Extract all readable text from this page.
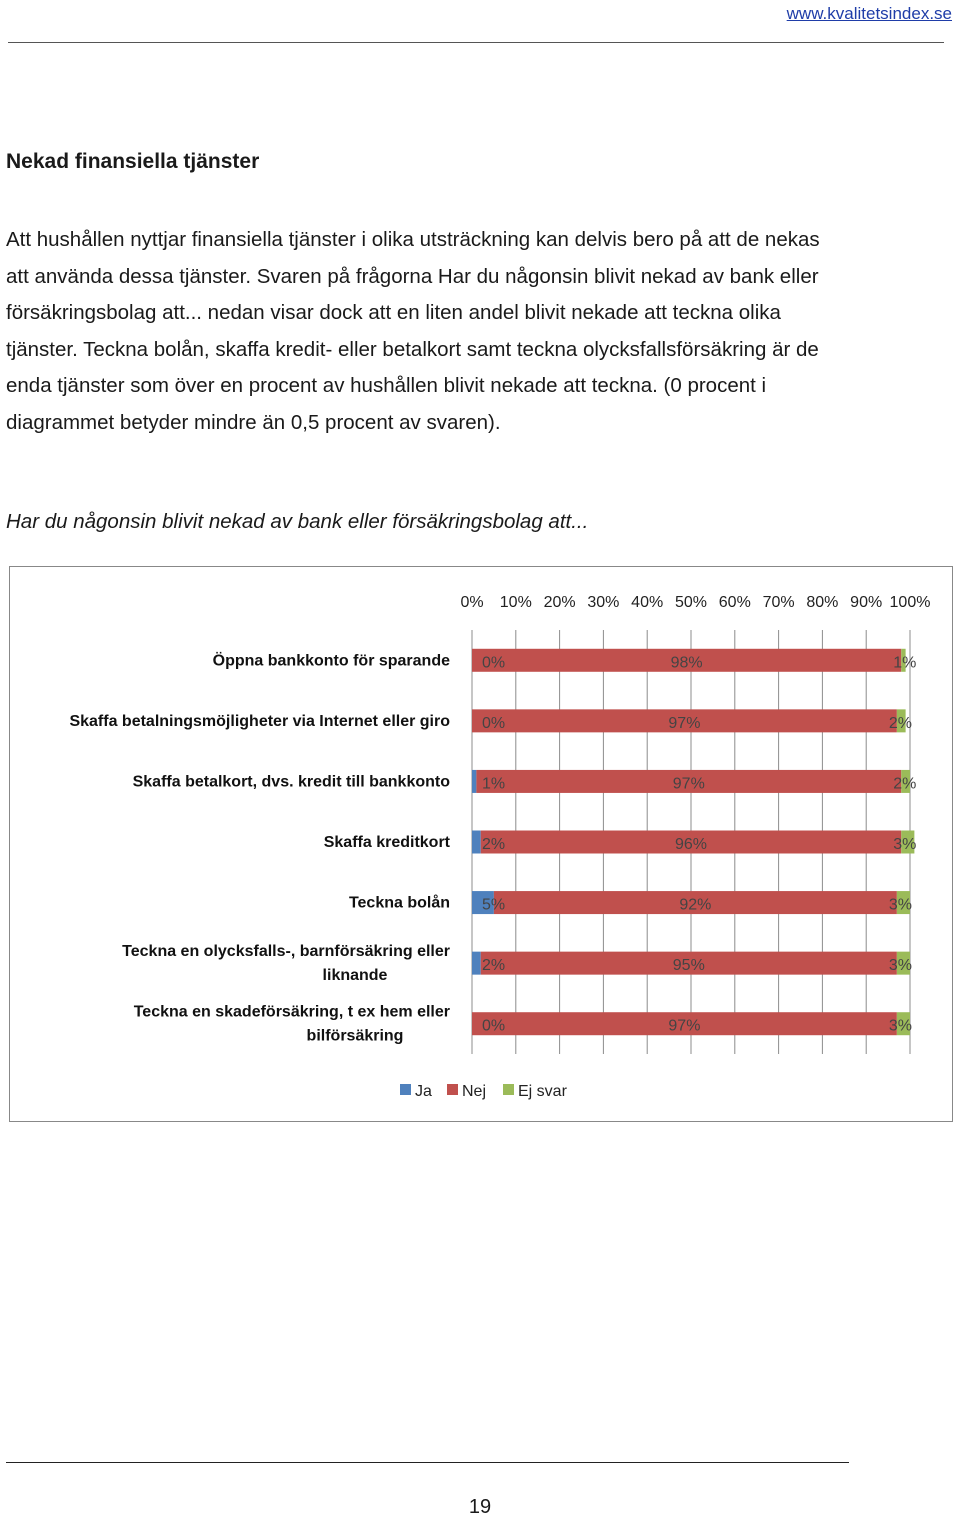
www.kvalitetsindex.se
Nekad finansiella tjänster
Att hushållen nyttjar finansiella tjänster i olika utsträckning kan delvis bero på att de nekas
att använda dessa tjänster. Svaren på frågorna Har du någonsin blivit nekad av bank eller
försäkringsbolag att... nedan visar dock att en liten andel blivit nekade att teckna olika
tjänster. Teckna bolån, skaffa kredit- eller betalkort samt teckna olycksfallsförsäkring är de
enda tjänster som över en procent av hushållen blivit nekade att teckna. (0 procent i
diagrammet betyder mindre än 0,5 procent av svaren).
Har du någonsin blivit nekad av bank eller försäkringsbolag att...
0% 10% 20% 30% 40% 50% 60% 70% 80% 90% 100%
0%	98%	1%
Öppna bankkonto för sparande
0%	97%	2%
Skaffa betalningsmöjligheter via Internet eller giro
1%	97%	2%
Skaffa betalkort, dvs. kredit till bankkonto
2%	96%	3%
Skaffa kreditkort
5%	92%	3%
Teckna bolån
2%	95%	3%
Teckna en olycksfalls-, barnförsäkring eller
liknande
0%	97%	3%
Teckna en skadeförsäkring, t ex hem eller
bilförsäkring
Ja Nej Ej svar
19
